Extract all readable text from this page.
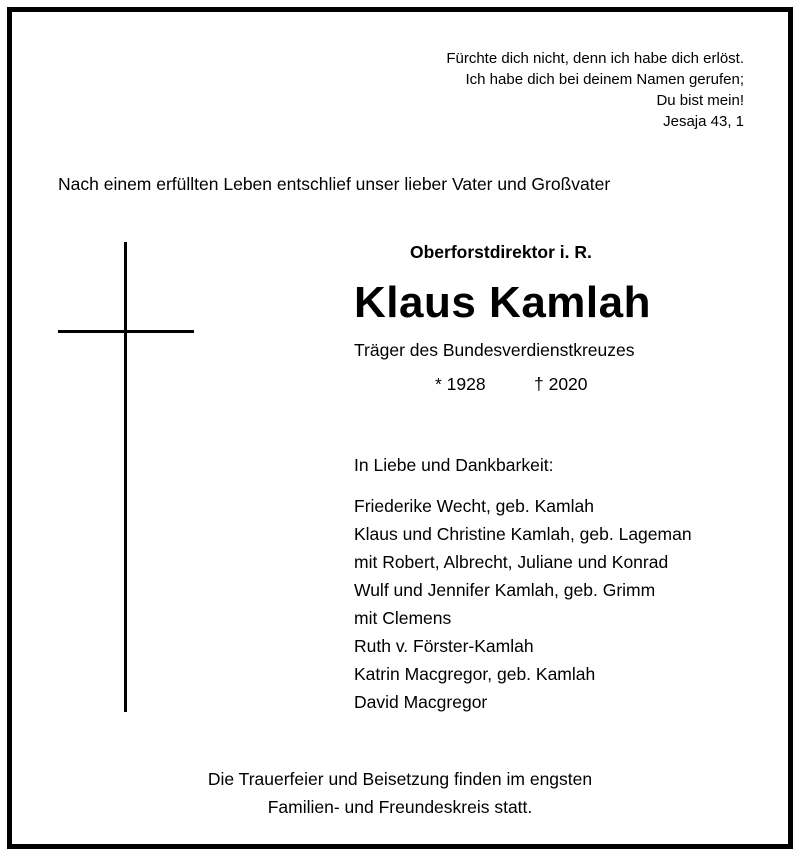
Fürchte dich nicht, denn ich habe dich erlöst.
Ich habe dich bei deinem Namen gerufen;
Du bist mein!
Jesaja 43, 1
Nach einem erfüllten Leben entschlief unser lieber Vater und Großvater
Oberforstdirektor i. R.
Klaus Kamlah
Träger des Bundesverdienstkreuzes
* 1928	† 2020
In Liebe und Dankbarkeit:
Friederike Wecht, geb. Kamlah
Klaus und Christine Kamlah, geb. Lageman
mit Robert, Albrecht, Juliane und Konrad
Wulf und Jennifer Kamlah, geb. Grimm
mit Clemens
Ruth v. Förster-Kamlah
Katrin Macgregor, geb. Kamlah
David Macgregor
Die Trauerfeier und Beisetzung finden im engsten
Familien- und Freundeskreis statt.
